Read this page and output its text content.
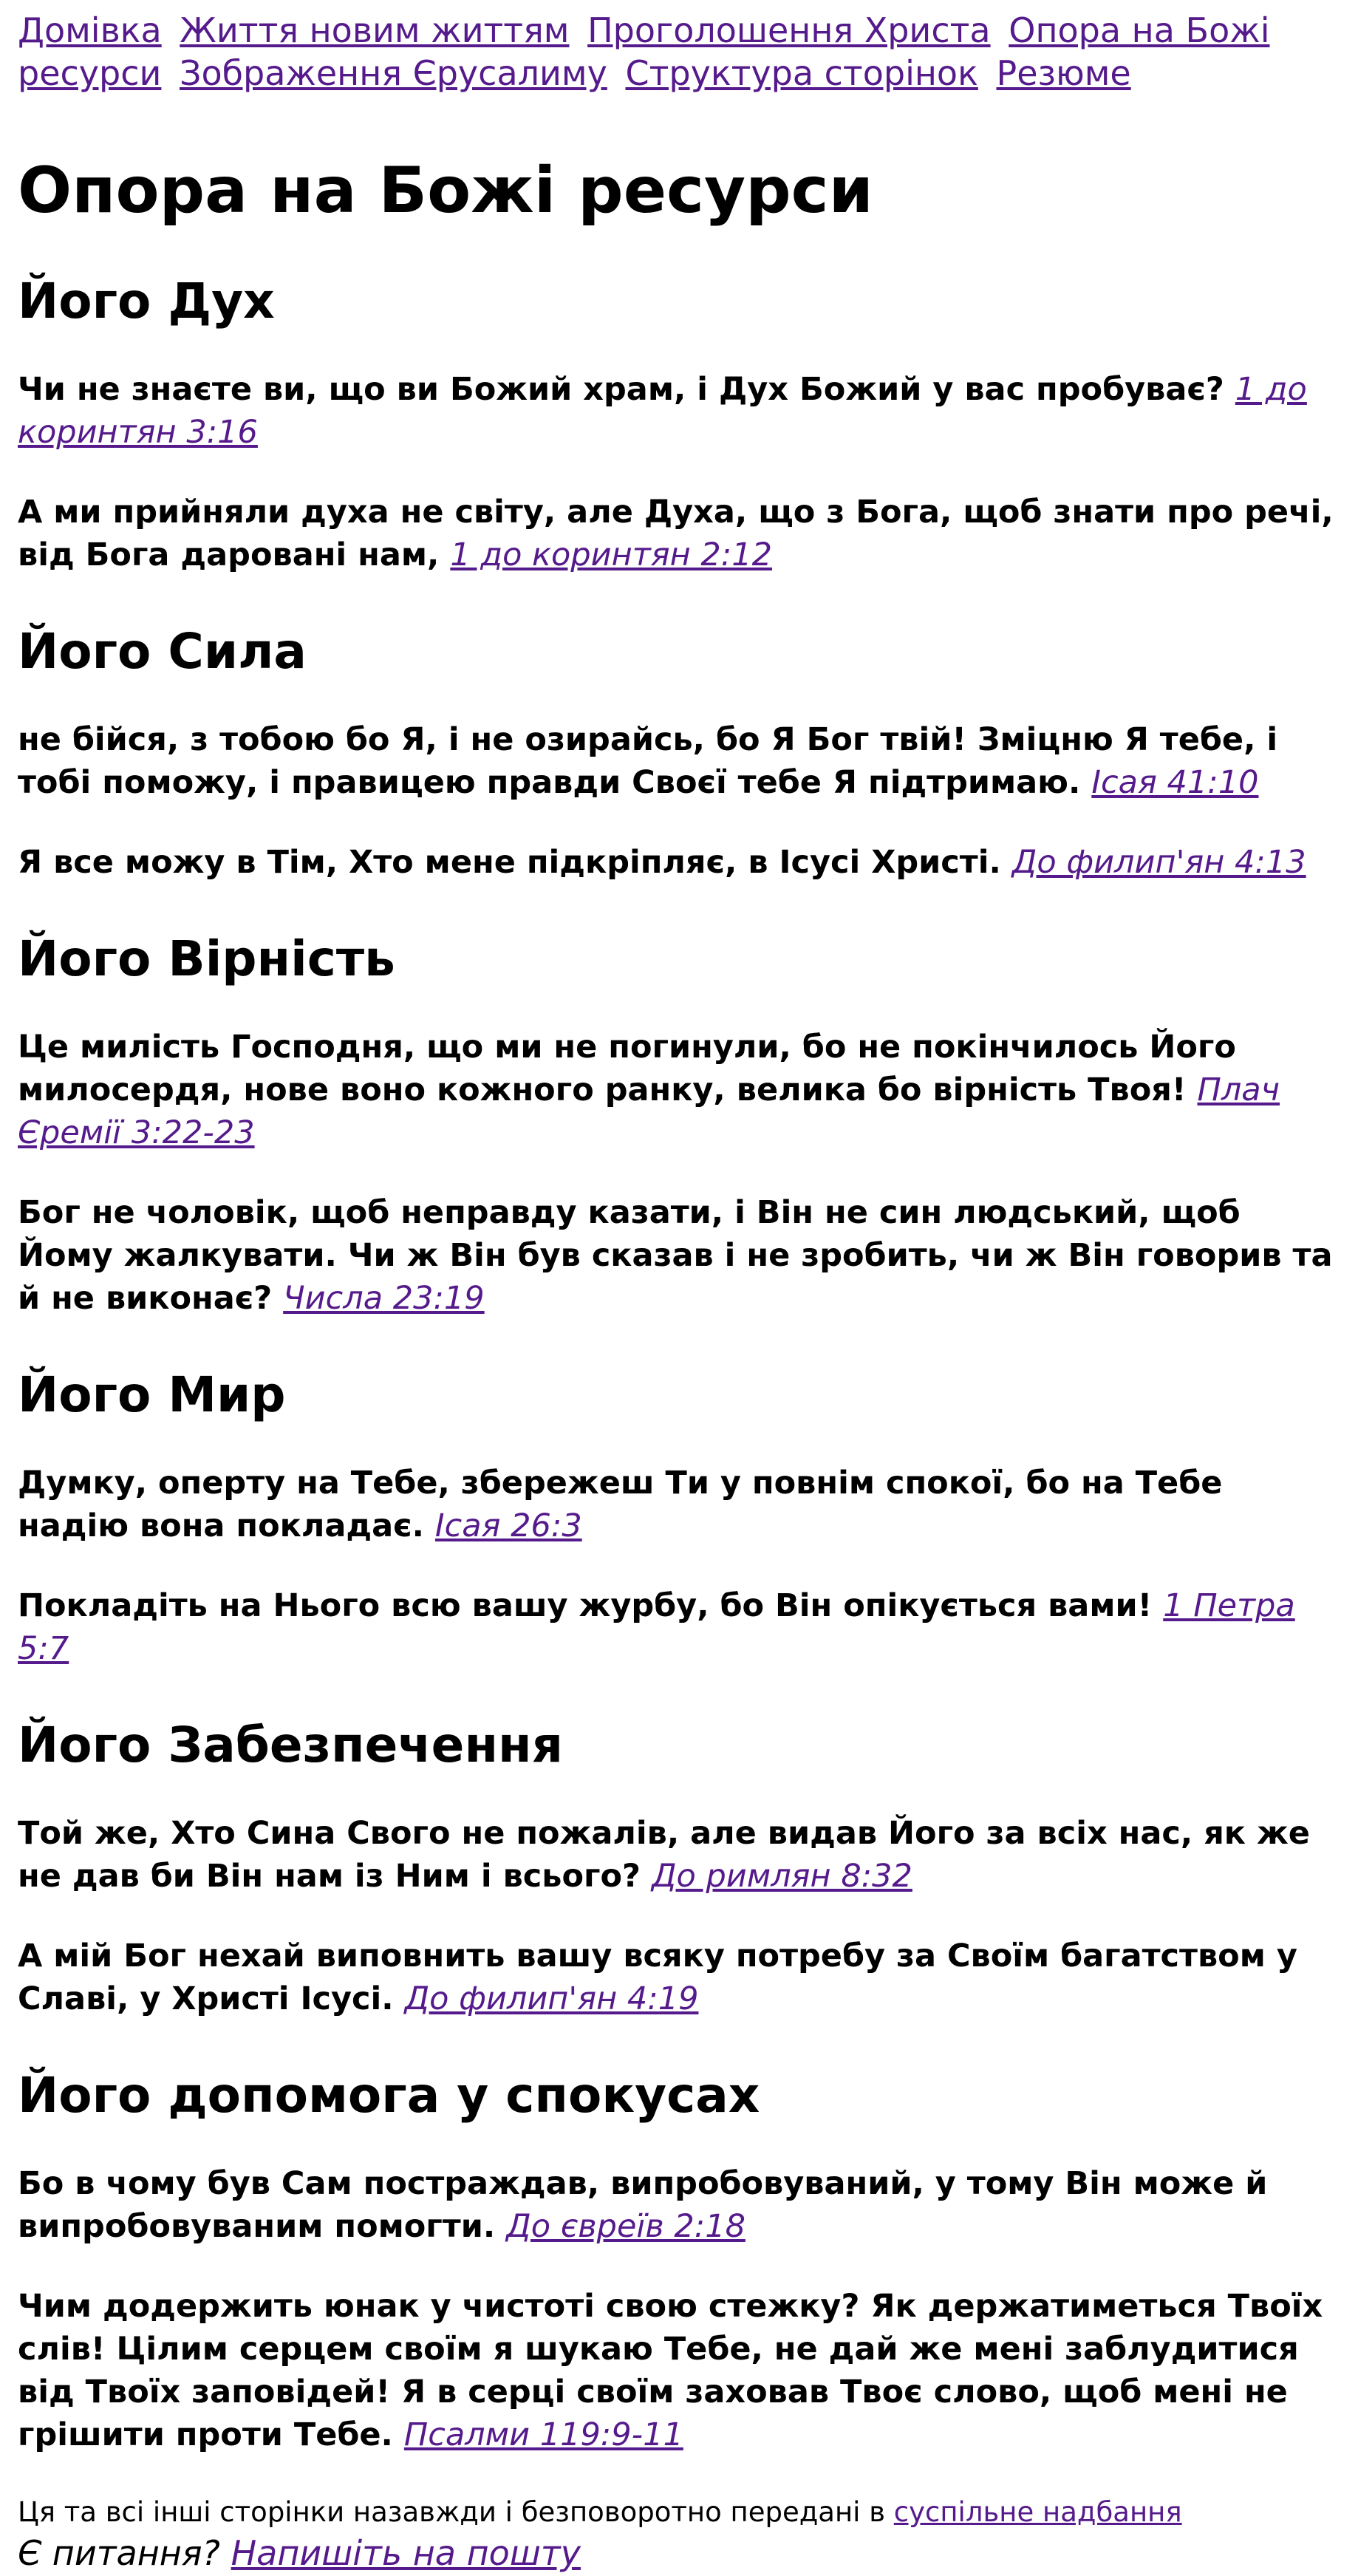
Домівка Життя новим життям Проголошення Христа Опора на Божі ресурси Зображення Єрусалиму Структура сторінок Резюме
Опора на Божі ресурси
Його Дух

Чи не знаєте ви, що ви Божий храм, і Дух Божий у вас пробуває? 1 до коринтян 3:16

А ми прийняли духа не світу, але Духа, що з Бога, щоб знати про речі, від Бога даровані нам, 1 до коринтян 2:12

Його Сила

не бійся, з тобою бо Я, і не озирайсь, бо Я Бог твій! Зміцню Я тебе, і тобі поможу, і правицею правди Своєї тебе Я підтримаю. Ісая 41:10

Я все можу в Тім, Хто мене підкріпляє, в Ісусі Христі. До филип'ян 4:13

Його Вірність

Це милість Господня, що ми не погинули, бо не покінчилось Його милосердя, нове воно кожного ранку, велика бо вірність Твоя! Плач Єремії 3:22-23

Бог не чоловік, щоб неправду казати, і Він не син людський, щоб Йому жалкувати. Чи ж Він був сказав і не зробить, чи ж Він говорив та й не виконає? Числа 23:19

Його Мир

Думку, оперту на Тебе, збережеш Ти у повнім спокої, бо на Тебе надію вона покладає. Ісая 26:3

Покладіть на Нього всю вашу журбу, бо Він опікується вами! 1 Петра 5:7

Його Забезпечення

Той же, Хто Сина Свого не пожалів, але видав Його за всіх нас, як же не дав би Він нам із Ним і всього? До римлян 8:32

А мій Бог нехай виповнить вашу всяку потребу за Своїм багатством у Славі, у Христі Ісусі. До филип'ян 4:19

Його допомога у спокусах

Бо в чому був Сам постраждав, випробовуваний, у тому Він може й випробовуваним помогти. До євреїв 2:18

Чим додержить юнак у чистоті свою стежку? Як держатиметься Твоїх слів! Цілим серцем своїм я шукаю Тебе, не дай же мені заблудитися від Твоїх заповідей! Я в серці своїм заховав Твоє слово, щоб мені не грішити проти Тебе. Псалми 119:9-11

Ця та всі інші сторінки назавжди і безповоротно передані в суспільне надбання
Є питання? Напишіть на пошту
